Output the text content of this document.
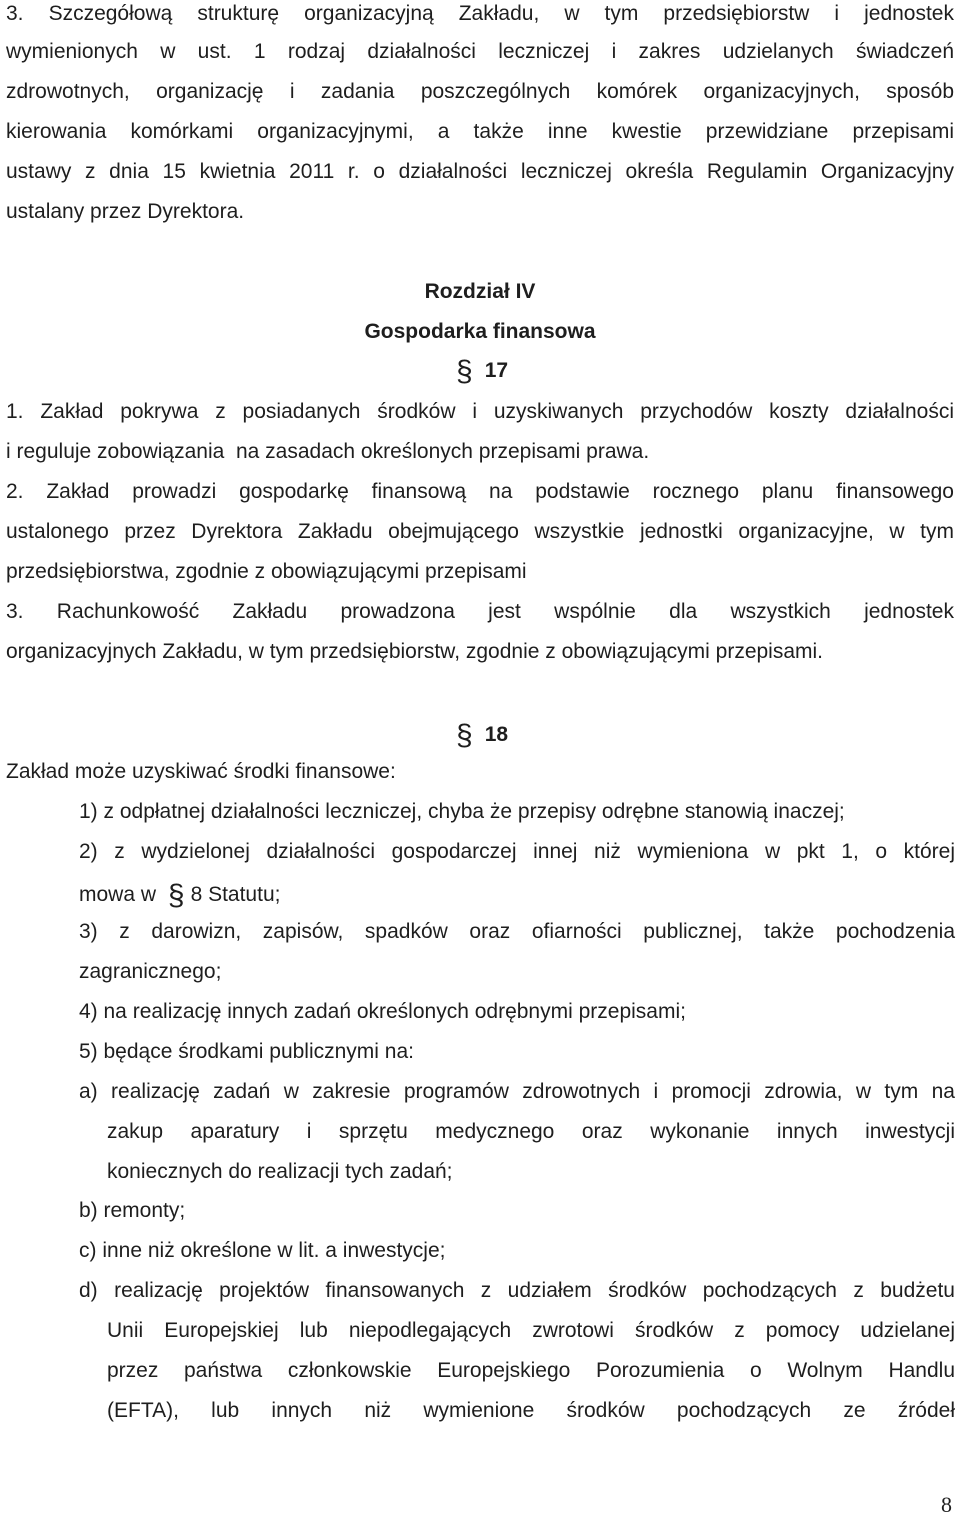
3. Szczegółową strukturę organizacyjną Zakładu, w tym przedsiębiorstw i jednostek
wymienionych w ust. 1 rodzaj działalności leczniczej i zakres udzielanych świadczeń
zdrowotnych, organizację i zadania poszczególnych komórek organizacyjnych, sposób
kierowania komórkami organizacyjnymi, a także inne kwestie przewidziane przepisami
ustawy z dnia 15 kwietnia 2011 r. o działalności leczniczej określa Regulamin Organizacyjny
ustalany przez Dyrektora.
Rozdział IV
Gospodarka finansowa
§ 17
1. Zakład pokrywa z posiadanych środków i uzyskiwanych przychodów koszty działalności
i reguluje zobowiązania  na zasadach określonych przepisami prawa.
2. Zakład prowadzi gospodarkę finansową na podstawie rocznego planu finansowego
ustalonego przez Dyrektora Zakładu obejmującego wszystkie jednostki organizacyjne, w tym
przedsiębiorstwa, zgodnie z obowiązującymi przepisami
3. Rachunkowość Zakładu prowadzona jest wspólnie dla wszystkich jednostek
organizacyjnych Zakładu, w tym przedsiębiorstw, zgodnie z obowiązującymi przepisami.
§ 18
Zakład może uzyskiwać środki finansowe:
1) z odpłatnej działalności leczniczej, chyba że przepisy odrębne stanowią inaczej;
2) z wydzielonej działalności gospodarczej innej niż wymieniona w pkt 1, o której
mowa w § 8 Statutu;
3) z darowizn, zapisów, spadków oraz ofiarności publicznej, także pochodzenia
zagranicznego;
4) na realizację innych zadań określonych odrębnymi przepisami;
5) będące środkami publicznymi na:
a) realizację zadań w zakresie programów zdrowotnych i promocji zdrowia, w tym na
zakup aparatury i sprzętu medycznego oraz wykonanie innych inwestycji
koniecznych do realizacji tych zadań;
b) remonty;
c) inne niż określone w lit. a inwestycje;
d) realizację projektów finansowanych z udziałem środków pochodzących z budżetu
Unii Europejskiej lub niepodlegających zwrotowi środków z pomocy udzielanej
przez państwa członkowskie Europejskiego Porozumienia o Wolnym Handlu
(EFTA), lub innych niż wymienione środków pochodzących ze źródeł
8
